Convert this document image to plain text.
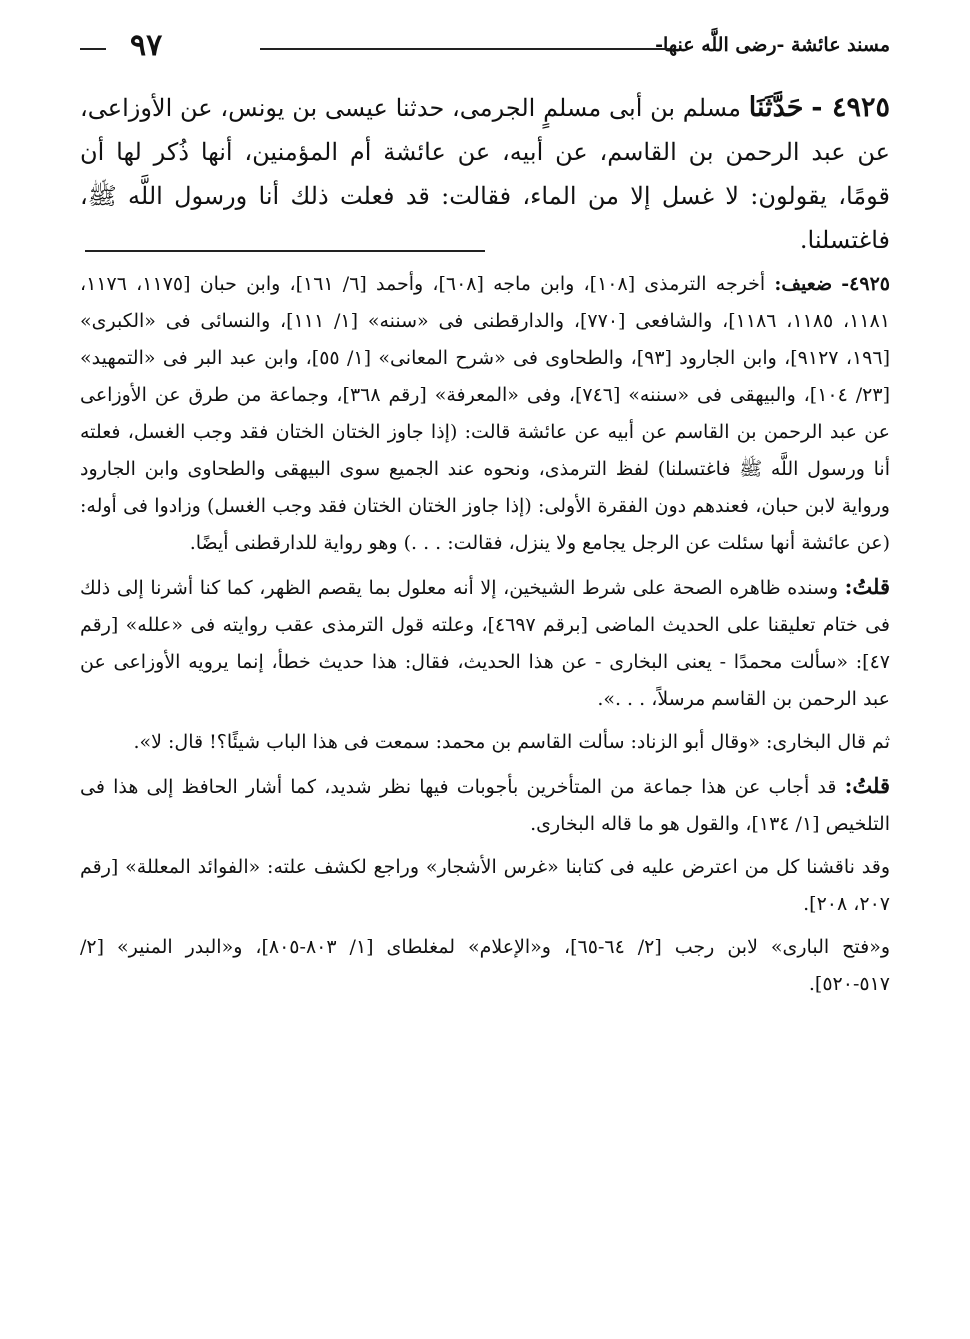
مسند عائشة -رضى اللَّه عنها-
٩٧
٤٩٢٥ - حَدَّثَنَا مسلم بن أبى مسلمٍ الجرمى، حدثنا عيسى بن يونس، عن الأوزاعى، عن عبد الرحمن بن القاسم، عن أبيه، عن عائشة أم المؤمنين، أنها ذُكر لها أن قومًا، يقولون: لا غسل إلا من الماء، فقالت: قد فعلت ذلك أنا ورسول اللَّه ﷺ، فاغتسلنا.

٤٩٢٥- ضعيف: أخرجه الترمذى [١٠٨]، وابن ماجه [٦٠٨]، وأحمد [٦/ ١٦١]، وابن حبان [١١٧٥، ١١٧٦، ١١٨١، ١١٨٥، ١١٨٦]، والشافعى [٧٧٠]، والدارقطنى فى «سننه» [١/ ١١١]، والنسائى فى «الكبرى» [١٩٦، ٩١٢٧]، وابن الجارود [٩٣]، والطحاوى فى «شرح المعانى» [١/ ٥٥]، وابن عبد البر فى «التمهيد» [٢٣/ ١٠٤]، والبيهقى فى «سننه» [٧٤٦]، وفى «المعرفة» [رقم ٣٦٨]، وجماعة من طرق عن الأوزاعى عن عبد الرحمن بن القاسم عن أبيه عن عائشة قالت: (إذا جاوز الختان الختان فقد وجب الغسل، فعلته أنا ورسول اللَّه ﷺ فاغتسلنا) لفظ الترمذى، ونحوه عند الجميع سوى البيهقى والطحاوى وابن الجارود ورواية لابن حبان، فعندهم دون الفقرة الأولى: (إذا جاوز الختان الختان فقد وجب الغسل) وزادوا فى أوله: (عن عائشة أنها سئلت عن الرجل يجامع ولا ينزل، فقالت: . . .) وهو رواية للدارقطنى أيضًا.

قلتُ: وسنده ظاهره الصحة على شرط الشيخين، إلا أنه معلول بما يقصم الظهر، كما كنا أشرنا إلى ذلك فى ختام تعليقنا على الحديث الماضى [برقم ٤٦٩٧]، وعلته قول الترمذى عقب روايته فى «علله» [رقم ٤٧]: «سألت محمدًا - يعنى البخارى - عن هذا الحديث، فقال: هذا حديث خطأ، إنما يرويه الأوزاعى عن عبد الرحمن بن القاسم مرسلاً، . . .».

ثم قال البخارى: «وقال أبو الزناد: سألت القاسم بن محمد: سمعت فى هذا الباب شيئًا؟! قال: لا».

قلتُ: قد أجاب عن هذا جماعة من المتأخرين بأجوبات فيها نظر شديد، كما أشار الحافظ إلى هذا فى التلخيص [١/ ١٣٤]، والقول هو ما قاله البخارى.

وقد ناقشنا كل من اعترض عليه فى كتابنا «غرس الأشجار» وراجع لكشف علته: «الفوائد المعللة» [رقم ٢٠٧، ٢٠٨].

و«فتح البارى» لابن رجب [٢/ ٦٤-٦٥]، و«الإعلام» لمغلطاى [١/ ٨٠٣-٨٠٥]، و«البدر المنير» [٢/ ٥١٧-٥٢٠].
